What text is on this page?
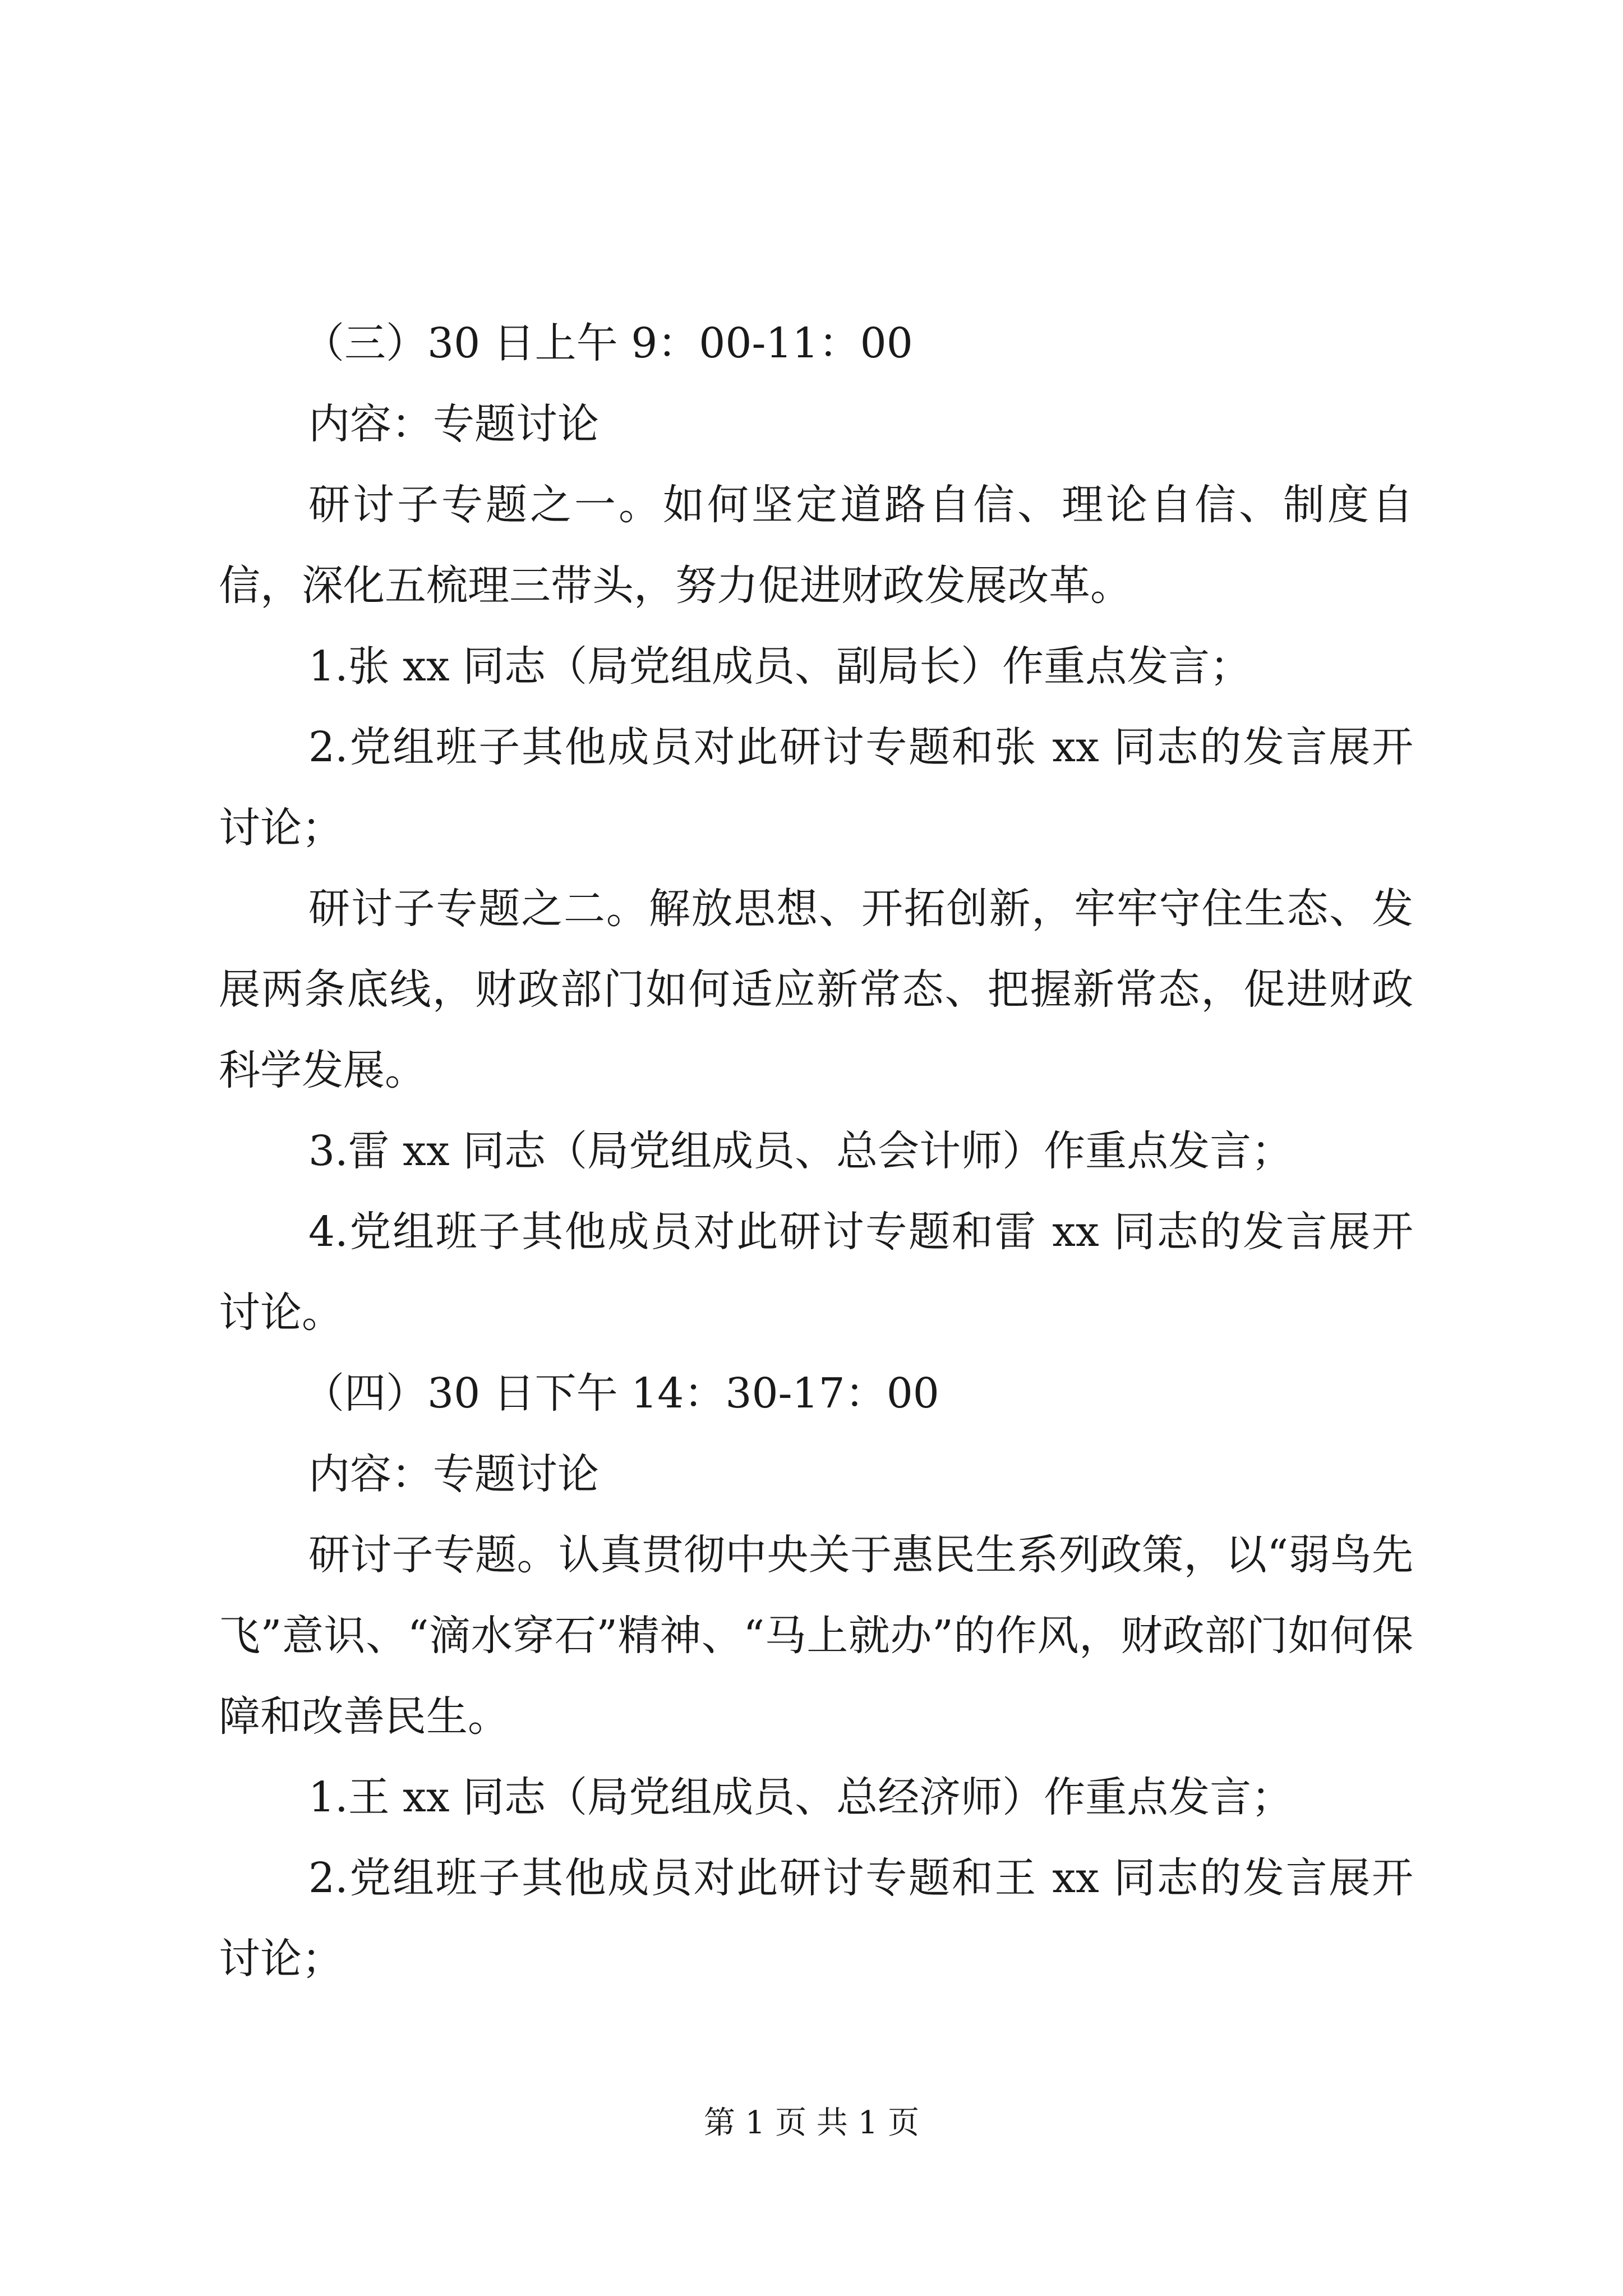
（三）30 日上午 9：00-11：00

内容：专题讨论

研讨子专题之一。如何坚定道路自信、理论自信、制度自信，深化五梳理三带头，努力促进财政发展改革。

1.张 xx 同志（局党组成员、副局长）作重点发言；

2.党组班子其他成员对此研讨专题和张 xx 同志的发言展开讨论；

研讨子专题之二。解放思想、开拓创新，牢牢守住生态、发展两条底线，财政部门如何适应新常态、把握新常态，促进财政科学发展。

3.雷 xx 同志（局党组成员、总会计师）作重点发言；

4.党组班子其他成员对此研讨专题和雷 xx 同志的发言展开讨论。

（四）30 日下午 14：30-17：00

内容：专题讨论

研讨子专题。认真贯彻中央关于惠民生系列政策，以“弱鸟先飞”意识、“滴水穿石”精神、“马上就办”的作风，财政部门如何保障和改善民生。

1.王 xx 同志（局党组成员、总经济师）作重点发言；

2.党组班子其他成员对此研讨专题和王 xx 同志的发言展开讨论；

第 1 页 共 1 页
